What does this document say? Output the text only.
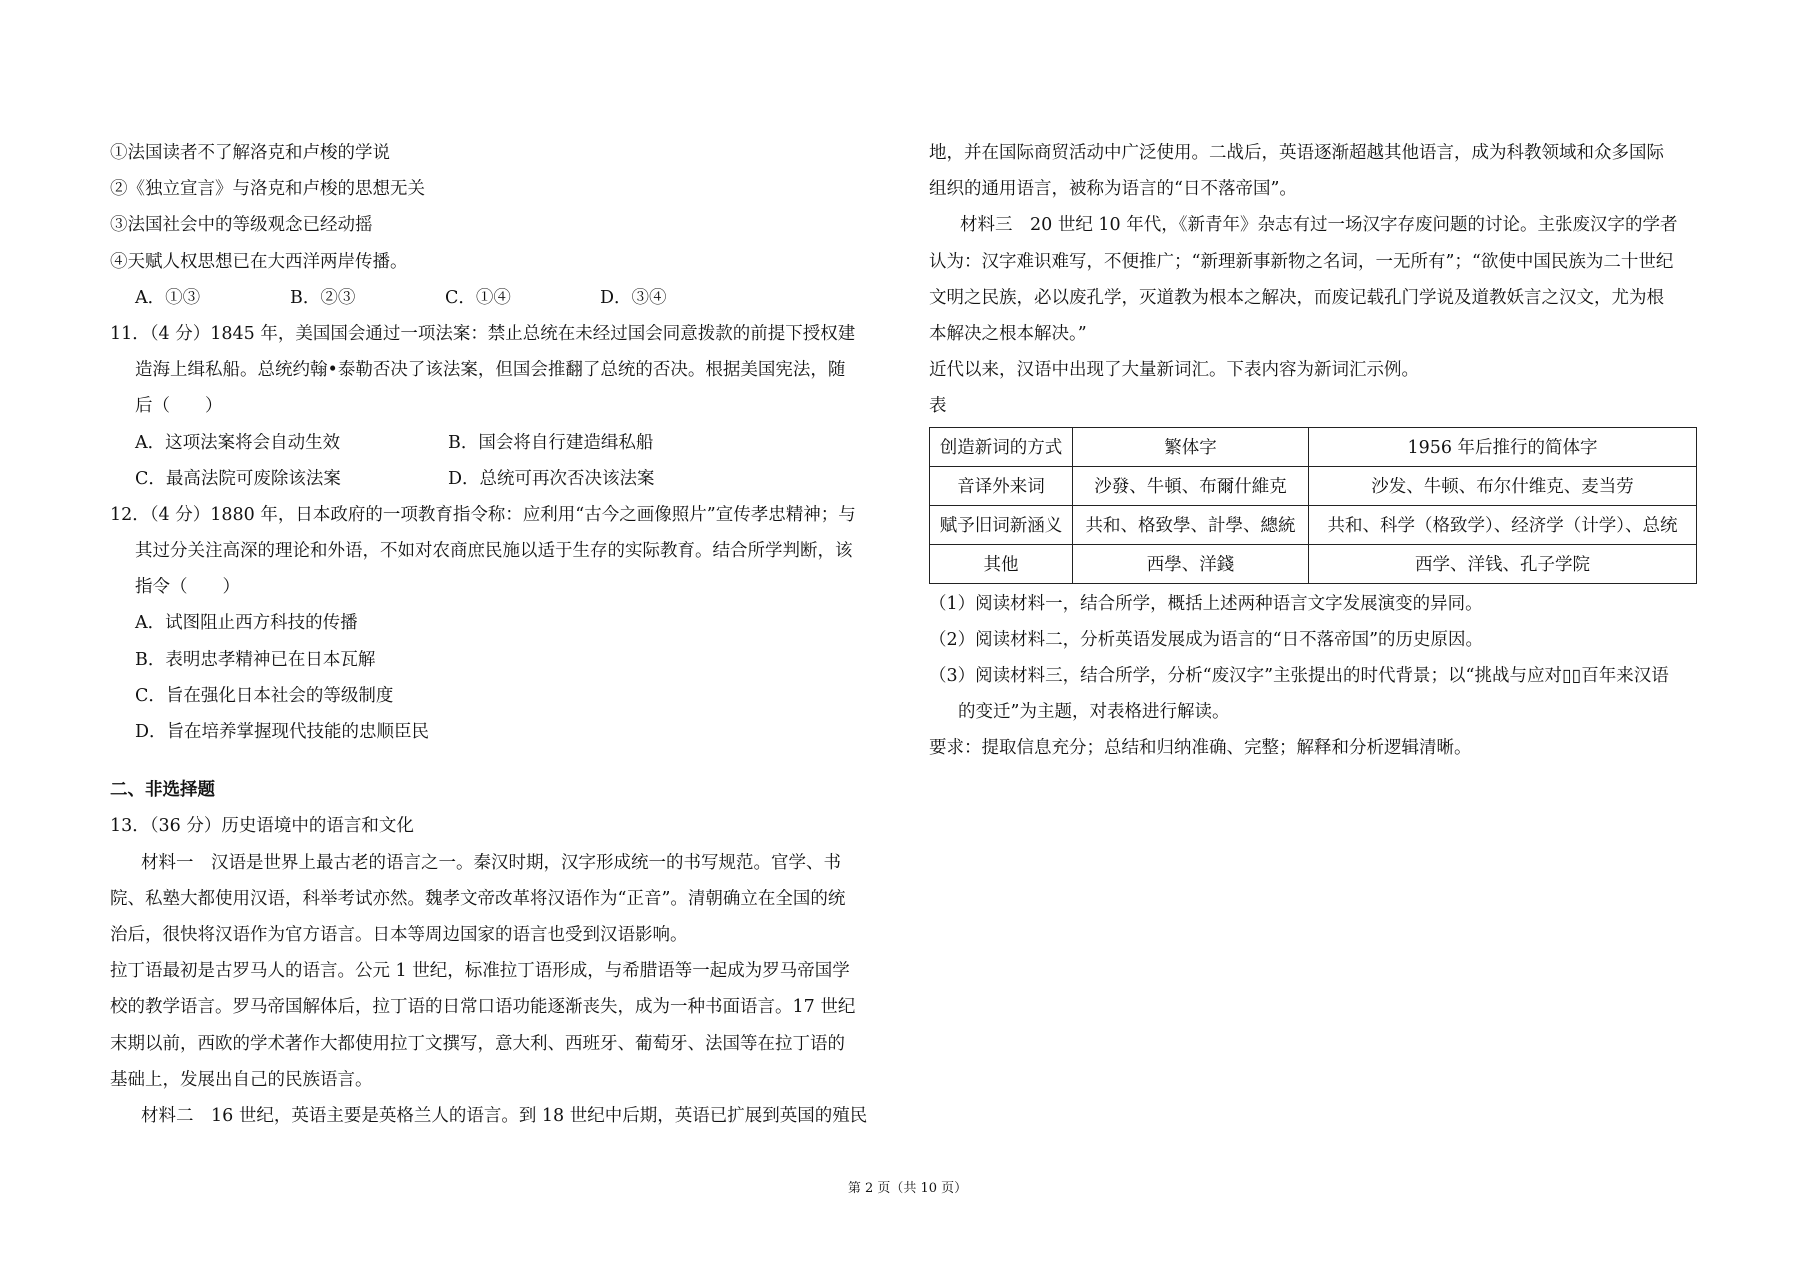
①法国读者不了解洛克和卢梭的学说
②《独立宣言》与洛克和卢梭的思想无关
③法国社会中的等级观念已经动摇
④天赋人权思想已在大西洋两岸传播。
A．①③	B．②③	C．①④	D．③④
11．（4 分）1845 年，美国国会通过一项法案：禁止总统在未经过国会同意拨款的前提下授权建
造海上缉私船。总统约翰•泰勒否决了该法案，但国会推翻了总统的否决。根据美国宪法，随
后（　　）
A．这项法案将会自动生效	B．国会将自行建造缉私船
C．最高法院可废除该法案	D．总统可再次否决该法案
12．（4 分）1880 年，日本政府的一项教育指令称：应利用“古今之画像照片”宣传孝忠精神；与
其过分关注高深的理论和外语，不如对农商庶民施以适于生存的实际教育。结合所学判断，该
指令（　　）
A．试图阻止西方科技的传播
B．表明忠孝精神已在日本瓦解
C．旨在强化日本社会的等级制度
D．旨在培养掌握现代技能的忠顺臣民
二、非选择题
13．（36 分）历史语境中的语言和文化
材料一　汉语是世界上最古老的语言之一。秦汉时期，汉字形成统一的书写规范。官学、书
院、私塾大都使用汉语，科举考试亦然。魏孝文帝改革将汉语作为“正音”。清朝确立在全国的统
治后，很快将汉语作为官方语言。日本等周边国家的语言也受到汉语影响。
拉丁语最初是古罗马人的语言。公元 1 世纪，标准拉丁语形成，与希腊语等一起成为罗马帝国学
校的教学语言。罗马帝国解体后，拉丁语的日常口语功能逐渐丧失，成为一种书面语言。17 世纪
末期以前，西欧的学术著作大都使用拉丁文撰写，意大利、西班牙、葡萄牙、法国等在拉丁语的
基础上，发展出自己的民族语言。
材料二　16 世纪，英语主要是英格兰人的语言。到 18 世纪中后期，英语已扩展到英国的殖民
地，并在国际商贸活动中广泛使用。二战后，英语逐渐超越其他语言，成为科教领域和众多国际
组织的通用语言，被称为语言的“日不落帝国”。
材料三　20 世纪 10 年代，《新青年》杂志有过一场汉字存废问题的讨论。主张废汉字的学者
认为：汉字难识难写，不便推广；“新理新事新物之名词，一无所有”；“欲使中国民族为二十世纪
文明之民族，必以废孔学，灭道教为根本之解决，而废记载孔门学说及道教妖言之汉文，尤为根
本解决之根本解决。”
近代以来，汉语中出现了大量新词汇。下表内容为新词汇示例。
表
创造新词的方式	繁体字	1956 年后推行的简体字
音译外来词	沙發、牛頓、布爾什維克	沙发、牛顿、布尔什维克、麦当劳
赋予旧词新涵义	共和、格致學、計學、總統	共和、科学（格致学）、经济学（计学）、总统
其他	西學、洋錢	西学、洋钱、孔子学院
（1）阅读材料一，结合所学，概括上述两种语言文字发展演变的异同。
（2）阅读材料二，分析英语发展成为语言的“日不落帝国”的历史原因。
（3）阅读材料三，结合所学，分析“废汉字”主张提出的时代背景；以“挑战与应对▯▯百年来汉语
的变迁”为主题，对表格进行解读。
要求：提取信息充分；总结和归纳准确、完整；解释和分析逻辑清晰。
第 2 页（共 10 页）
